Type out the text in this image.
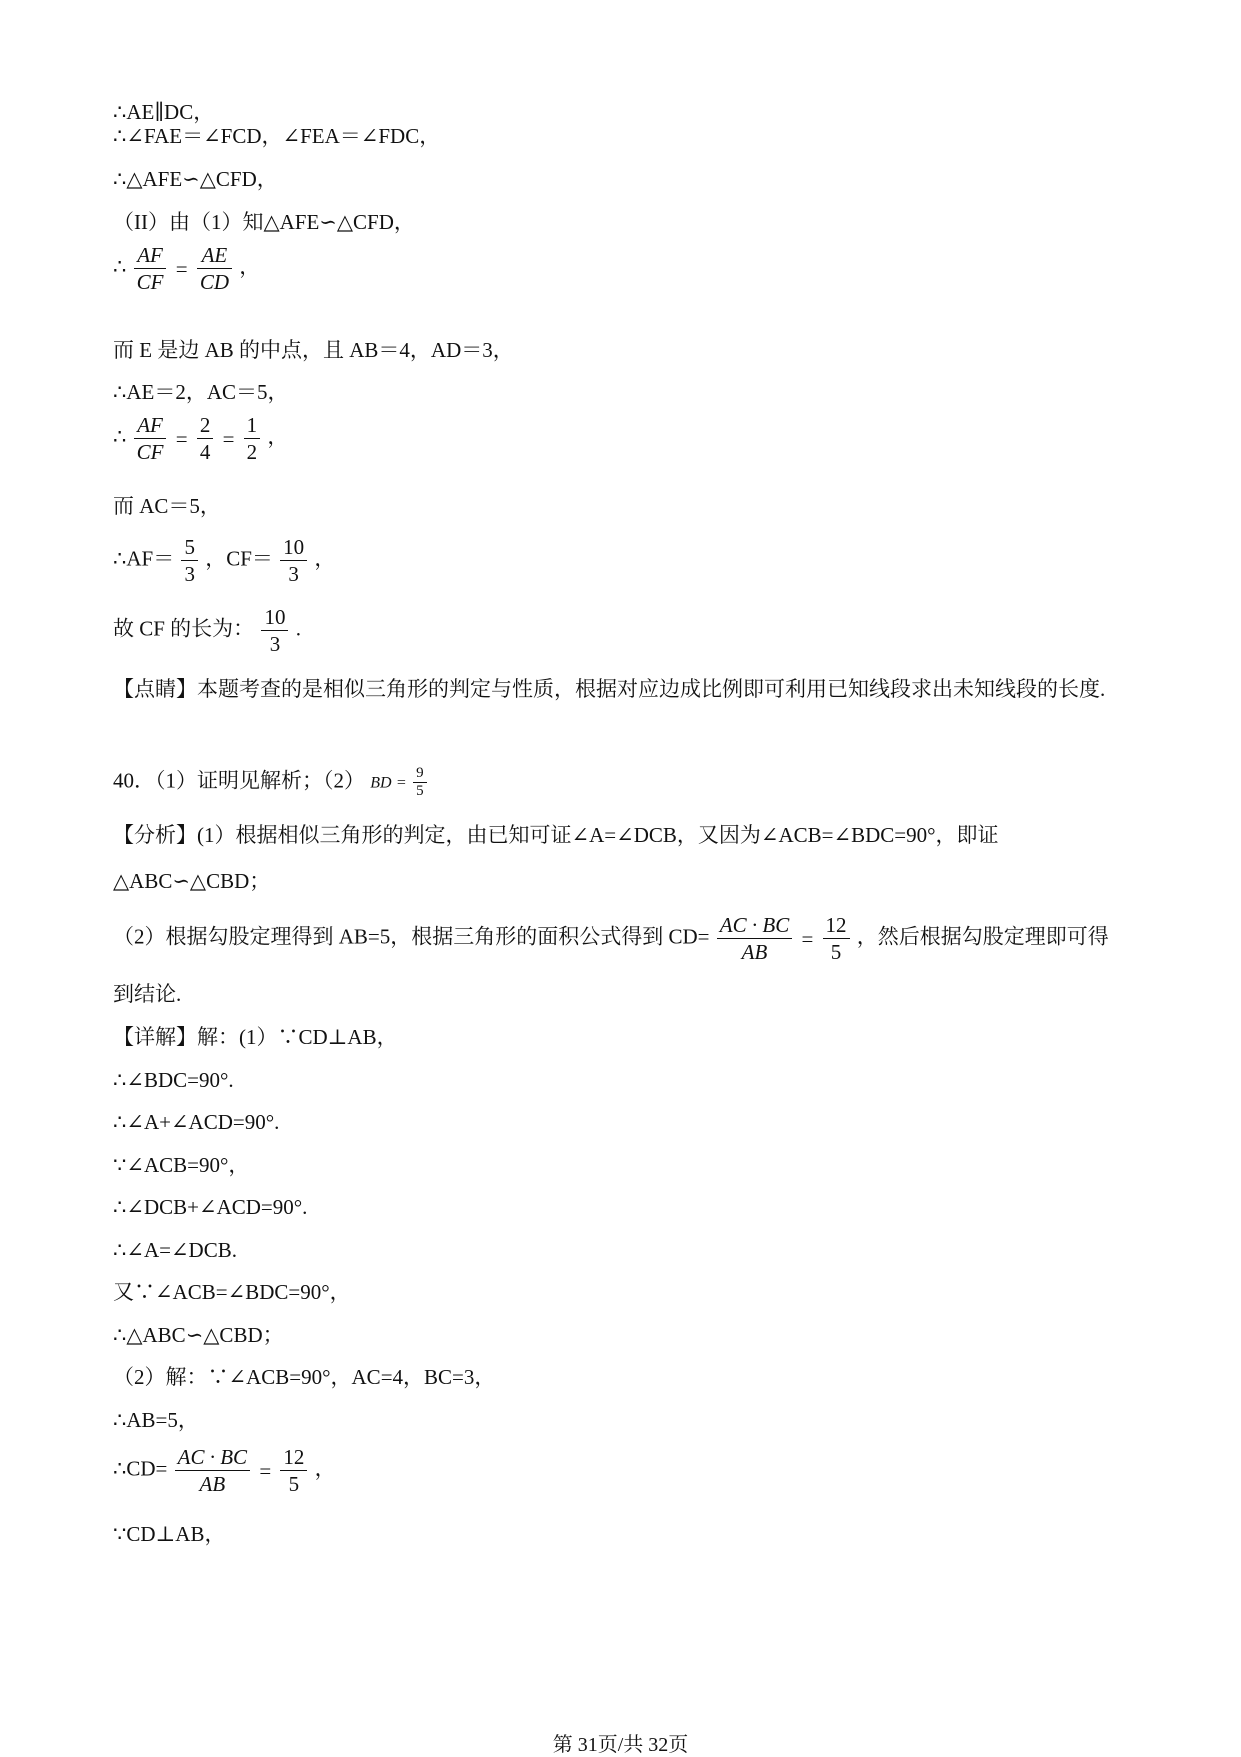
∴AE∥DC，
∴∠FAE＝∠FCD，∠FEA＝∠FDC，
∴△AFE∽△CFD，
（II）由（1）知△AFE∽△CFD，
∴ $\frac{AF}{CF} = \frac{AE}{CD}$ ，
而 E 是边 AB 的中点，且 AB＝4，AD＝3，
∴AE＝2，AC＝5，
∴ $\frac{AF}{CF} = \frac{2}{4} = \frac{1}{2}$ ，
而 AC＝5，
∴AF＝ $\frac{5}{3}$ ，$CF= \frac{10}{3}$ ，
故 CF 的长为： $\frac{10}{3}$ .
【点睛】本题考查的是相似三角形的判定与性质，根据对应边成比例即可利用已知线段求出未知线段的长度.
40．（1）证明见解析；（2） BD = $\frac{9}{5}$
【分析】(1）根据相似三角形的判定，由已知可证∠A=∠DCB，又因为∠ACB=∠BDC=90°，即证△ABC∽△CBD；
（2）根据勾股定理得到 AB=5，根据三角形的面积公式得到 $CD= \frac{AC \cdot BC}{AB} = \frac{12}{5}$ ，然后根据勾股定理即可得
到结论.
【详解】解：(1）∵CD⊥AB，
∴∠BDC=90°.
∴∠A+∠ACD=90°.
∵∠ACB=90°，
∴∠DCB+∠ACD=90°.
∴∠A=∠DCB.
又∵∠ACB=∠BDC=90°，
∴△ABC∽△CBD；
（2）解：∵∠ACB=90°，AC=4，BC=3，
∴AB=5，
∴CD= $\frac{AC \cdot BC}{AB} = \frac{12}{5}$ ，
∵CD⊥AB，
第 31页/共 32页
